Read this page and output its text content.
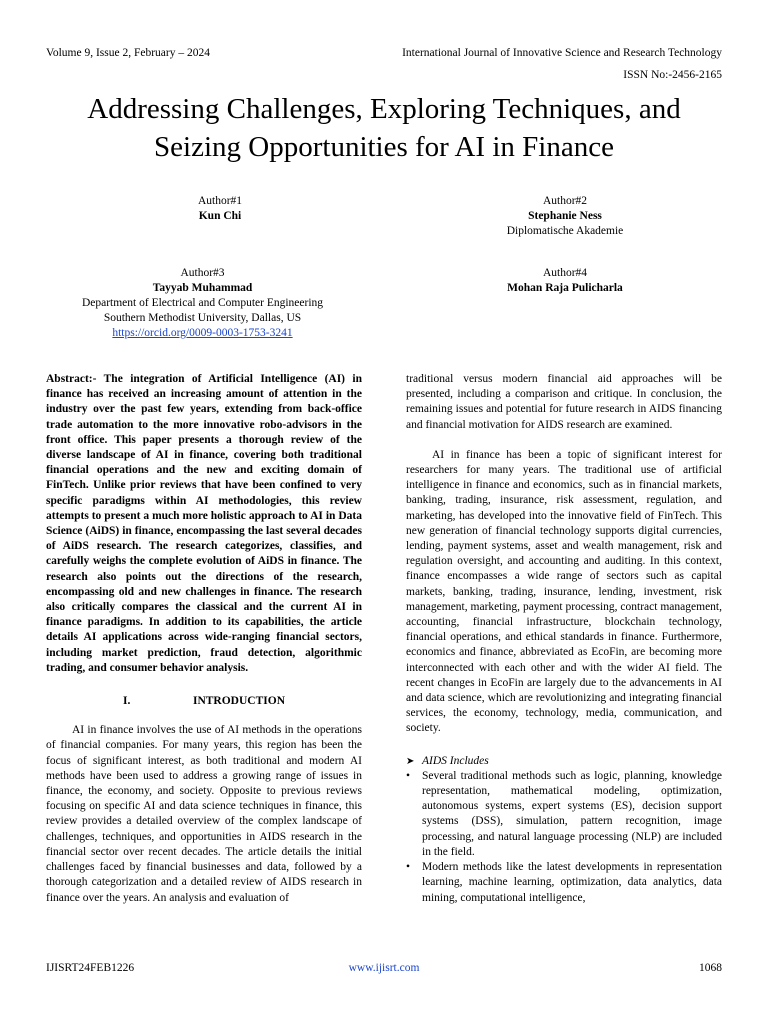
Volume 9, Issue 2, February – 2024	International Journal of Innovative Science and Research Technology
ISSN No:-2456-2165
Addressing Challenges, Exploring Techniques, and
Seizing Opportunities for AI in Finance
Author#1
Kun Chi
Author#2
Stephanie Ness
Diplomatische Akademie
Author#3
Tayyab Muhammad
Department of Electrical and Computer Engineering
Southern Methodist University, Dallas, US
https://orcid.org/0009-0003-1753-3241
Author#4
Mohan Raja Pulicharla

Abstract:- The integration of Artificial Intelligence (AI) in finance has received an increasing amount of attention in the industry over the past few years, extending from back-office trade automation to the more innovative robo-advisors in the front office. This paper presents a thorough review of the diverse landscape of AI in finance, covering both traditional financial operations and the new and exciting domain of FinTech. Unlike prior reviews that have been confined to very specific paradigms within AI methodologies, this review attempts to present a much more holistic approach to AI in Data Science (AiDS) in finance, encompassing the last several decades of AiDS research. The research categorizes, classifies, and carefully weighs the complete evolution of AiDS in finance. The research also points out the directions of the research, encompassing old and new challenges in finance. The research also critically compares the classical and the current AI in finance paradigms. In addition to its capabilities, the article details AI applications across wide-ranging financial sectors, including market prediction, fraud detection, algorithmic trading, and consumer behavior analysis.

I.	INTRODUCTION

AI in finance involves the use of AI methods in the operations of financial companies. For many years, this region has been the focus of significant interest, as both traditional and modern AI methods have been used to address a growing range of issues in finance, the economy, and society. Opposite to previous reviews focusing on specific AI and data science techniques in finance, this review provides a detailed overview of the complex landscape of challenges, techniques, and opportunities in AIDS research in the financial sector over recent decades. The article details the initial challenges faced by financial businesses and data, followed by a thorough categorization and a detailed review of AIDS research in finance over the years. An analysis and evaluation of

traditional versus modern financial aid approaches will be presented, including a comparison and critique. In conclusion, the remaining issues and potential for future research in AIDS financing and financial motivation for AIDS research are examined.

AI in finance has been a topic of significant interest for researchers for many years. The traditional use of artificial intelligence in finance and economics, such as in financial markets, banking, trading, insurance, risk assessment, regulation, and marketing, has developed into the innovative field of FinTech. This new generation of financial technology supports digital currencies, lending, payment systems, asset and wealth management, risk and regulation oversight, and accounting and auditing. In this context, finance encompasses a wide range of sectors such as capital markets, banking, trading, insurance, lending, investment, risk management, marketing, payment processing, contract management, accounting, financial infrastructure, blockchain technology, financial operations, and ethical standards in finance. Furthermore, economics and finance, abbreviated as EcoFin, are becoming more interconnected with each other and with the wider AI field. The recent changes in EcoFin are largely due to the advancements in AI and data science, which are revolutionizing and integrating financial services, the economy, technology, media, communication, and society.

➤ AIDS Includes
• Several traditional methods such as logic, planning, knowledge representation, mathematical modeling, optimization, autonomous systems, expert systems (ES), decision support systems (DSS), simulation, pattern recognition, image processing, and natural language processing (NLP) are included in the field.
• Modern methods like the latest developments in representation learning, machine learning, optimization, data analytics, data mining, computational intelligence,
IJISRT24FEB1226	www.ijisrt.com	1068
